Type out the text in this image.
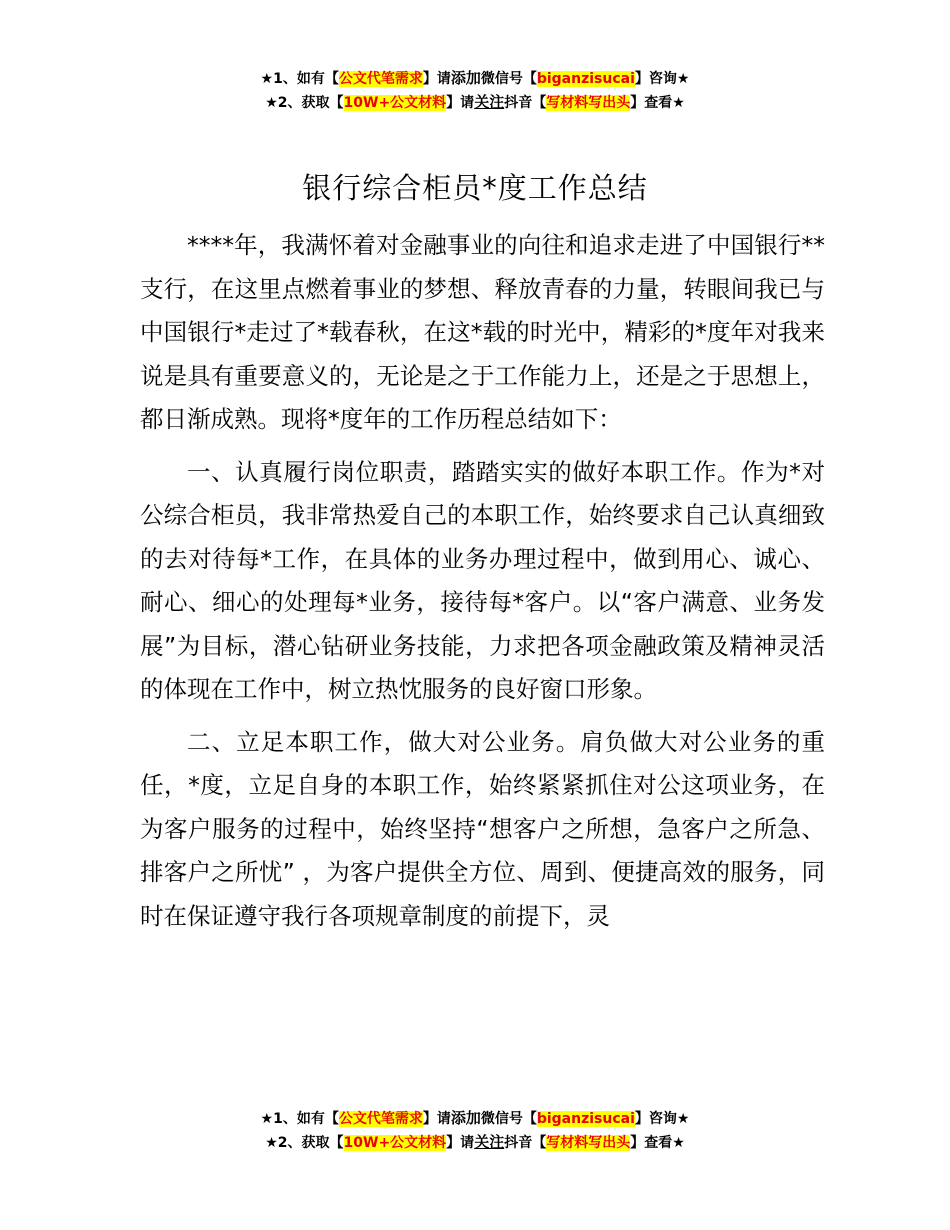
★1、如有【公文代笔需求】请添加微信号【biganzisucai】咨询★
★2、获取【10W+公文材料】请关注抖音【写材料写出头】查看★
银行综合柜员*度工作总结

****年，我满怀着对金融事业的向往和追求走进了中国银行**支行，在这里点燃着事业的梦想、释放青春的力量，转眼间我已与中国银行*走过了*载春秋，在这*载的时光中，精彩的*度年对我来说是具有重要意义的，无论是之于工作能力上，还是之于思想上，都日渐成熟。现将*度年的工作历程总结如下：

一、认真履行岗位职责，踏踏实实的做好本职工作。作为*对公综合柜员，我非常热爱自己的本职工作，始终要求自己认真细致的去对待每*工作，在具体的业务办理过程中，做到用心、诚心、耐心、细心的处理每*业务，接待每*客户。以“客户满意、业务发展”为目标，潜心钻研业务技能，力求把各项金融政策及精神灵活的体现在工作中，树立热忱服务的良好窗口形象。

二、立足本职工作，做大对公业务。肩负做大对公业务的重任，*度，立足自身的本职工作，始终紧紧抓住对公这项业务，在为客户服务的过程中，始终坚持“想客户之所想，急客户之所急、排客户之所忧” ，为客户提供全方位、周到、便捷高效的服务，同时在保证遵守我行各项规章制度的前提下，灵

★1、如有【公文代笔需求】请添加微信号【biganzisucai】咨询★
★2、获取【10W+公文材料】请关注抖音【写材料写出头】查看★
